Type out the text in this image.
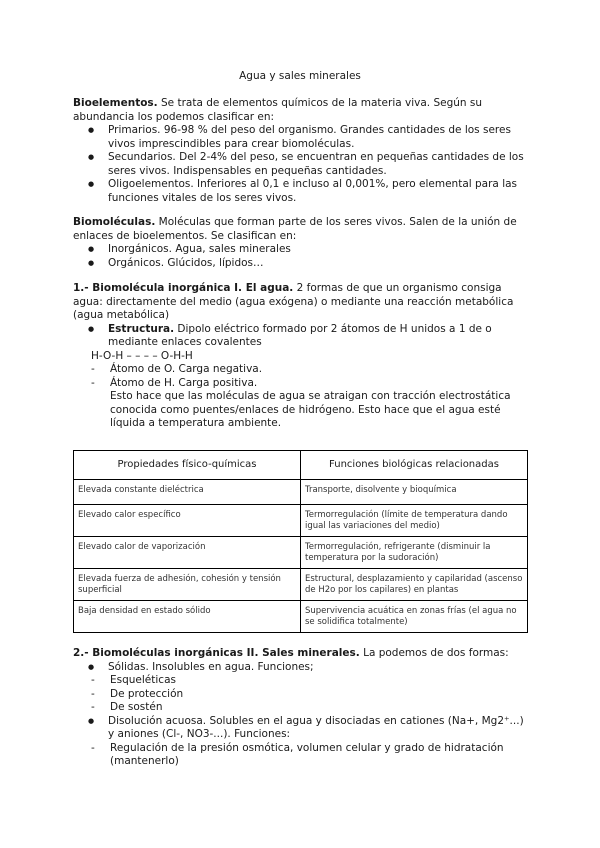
Agua y sales minerales

Bioelementos. Se trata de elementos químicos de la materia viva. Según su abundancia los podemos clasificar en:

● Primarios. 96-98 % del peso del organismo. Grandes cantidades de los seres vivos imprescindibles para crear biomoléculas.
● Secundarios. Del 2-4% del peso, se encuentran en pequeñas cantidades de los seres vivos. Indispensables en pequeñas cantidades.
● Oligoelementos. Inferiores al 0,1 e incluso al 0,001%, pero elemental para las funciones vitales de los seres vivos.

Biomoléculas. Moléculas que forman parte de los seres vivos. Salen de la unión de enlaces de bioelementos. Se clasifican en:

● Inorgánicos. Agua, sales minerales
● Orgánicos. Glúcidos, lípidos…

1.- Biomolécula inorgánica I. El agua. 2 formas de que un organismo consiga agua: directamente del medio (agua exógena) o mediante una reacción metabólica (agua metabólica)

● Estructura. Dipolo eléctrico formado por 2 átomos de H unidos a 1 de o mediante enlaces covalentes
H-O-H – – – – O-H-H
- Átomo de O. Carga negativa.
- Átomo de H. Carga positiva.
Esto hace que las moléculas de agua se atraigan con tracción electrostática conocida como puentes/enlaces de hidrógeno. Esto hace que el agua esté líquida a temperatura ambiente.
Propiedades físico-químicas	Funciones biológicas relacionadas
Elevada constante dieléctrica	Transporte, disolvente y bioquímica
Elevado calor específico	Termorregulación (límite de temperatura dando igual las variaciones del medio)
Elevado calor de vaporización	Termorregulación, refrigerante (disminuir la temperatura por la sudoración)
Elevada fuerza de adhesión, cohesión y tensión superficial	Estructural, desplazamiento y capilaridad (ascenso de H2o por los capilares) en plantas
Baja densidad en estado sólido	Supervivencia acuática en zonas frías (el agua no se solidifica totalmente)

2.- Biomoléculas inorgánicas II. Sales minerales. La podemos de dos formas:

● Sólidas. Insolubles en agua. Funciones;
- Esqueléticas
- De protección
- De sostén
● Disolución acuosa. Solubles en el agua y disociadas en cationes (Na+, Mg2⁺...) y aniones (Cl-, NO3-...). Funciones:
- Regulación de la presión osmótica, volumen celular y grado de hidratación (mantenerlo)
